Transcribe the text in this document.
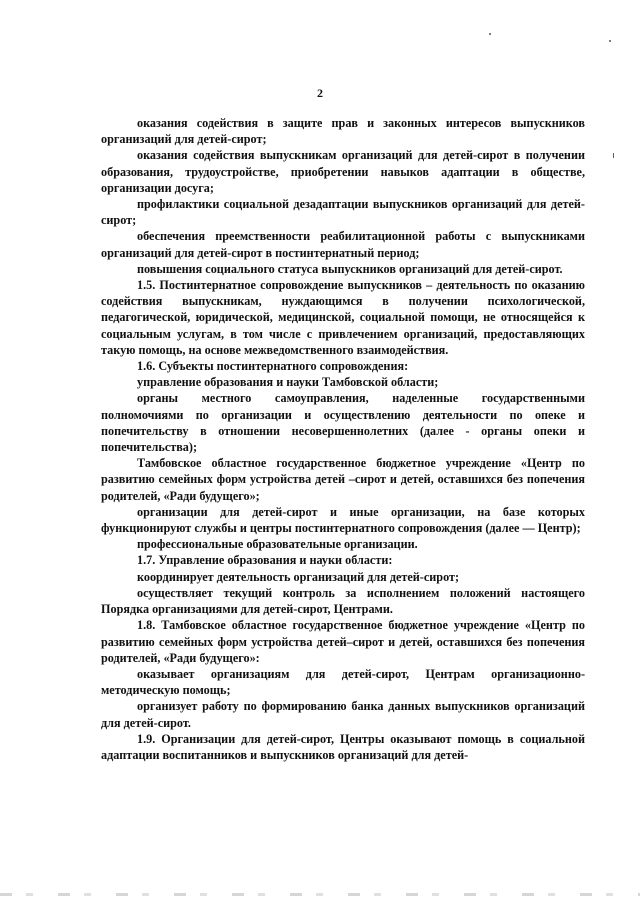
2

оказания содействия в защите прав и законных интересов выпускников организаций для детей-сирот;

оказания содействия выпускникам организаций для детей-сирот в получении образования, трудоустройстве, приобретении навыков адаптации в обществе, организации досуга;

профилактики социальной дезадаптации выпускников организаций для детей-сирот;

обеспечения преемственности реабилитационной работы с выпускниками организаций для детей-сирот в постинтернатный период;

повышения социального статуса выпускников организаций для детей-сирот.

1.5. Постинтернатное сопровождение выпускников – деятельность по оказанию содействия выпускникам, нуждающимся в получении психологической, педагогической, юридической, медицинской, социальной помощи, не относящейся к социальным услугам, в том числе с привлечением организаций, предоставляющих такую помощь, на основе межведомственного взаимодействия.

1.6. Субъекты постинтернатного сопровождения:

управление образования и науки Тамбовской области;

органы местного самоуправления, наделенные государственными полномочиями по организации и осуществлению деятельности по опеке и попечительству в отношении несовершеннолетних (далее - органы опеки и попечительства);

Тамбовское областное государственное бюджетное учреждение «Центр по развитию семейных форм устройства детей –сирот и детей, оставшихся без попечения родителей, «Ради будущего»;

организации для детей-сирот и иные организации, на базе которых функционируют службы и центры постинтернатного сопровождения (далее — Центр);

профессиональные образовательные организации.

1.7. Управление образования и науки области:

координирует деятельность организаций для детей-сирот;

осуществляет текущий контроль за исполнением положений настоящего Порядка организациями для детей-сирот, Центрами.

1.8. Тамбовское областное государственное бюджетное учреждение «Центр по развитию семейных форм устройства детей–сирот и детей, оставшихся без попечения родителей, «Ради будущего»:

оказывает организациям для детей-сирот, Центрам организационно-методическую помощь;

организует работу по формированию банка данных выпускников организаций для детей-сирот.

1.9. Организации для детей-сирот, Центры оказывают помощь в социальной адаптации воспитанников и выпускников организаций для детей-
